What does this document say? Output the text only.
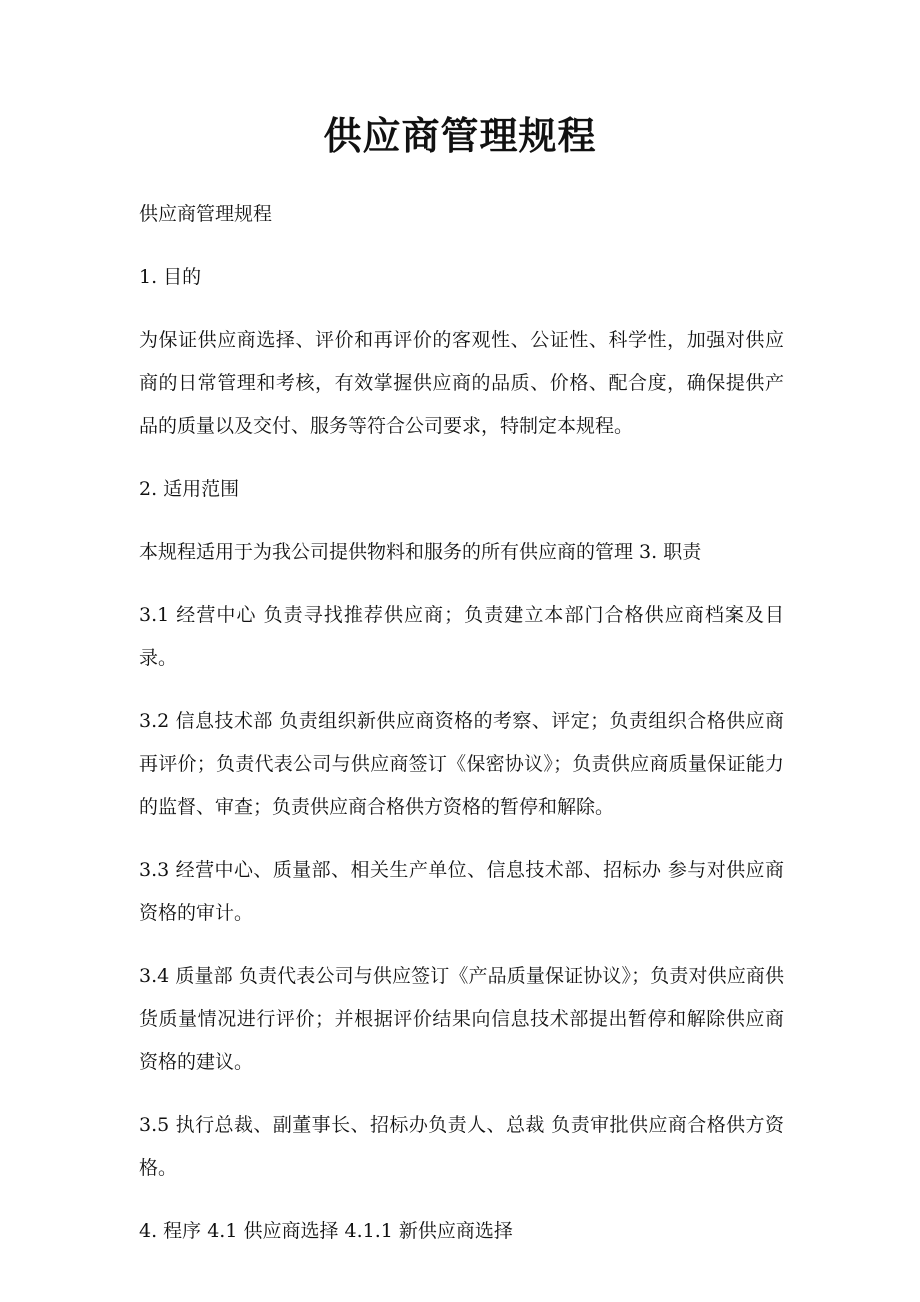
供应商管理规程

供应商管理规程

1. 目的

为保证供应商选择、评价和再评价的客观性、公证性、科学性，加强对供应商的日常管理和考核，有效掌握供应商的品质、价格、配合度，确保提供产品的质量以及交付、服务等符合公司要求，特制定本规程。

2. 适用范围

本规程适用于为我公司提供物料和服务的所有供应商的管理 3. 职责

3.1 经营中心 负责寻找推荐供应商；负责建立本部门合格供应商档案及目录。

3.2 信息技术部 负责组织新供应商资格的考察、评定；负责组织合格供应商再评价；负责代表公司与供应商签订《保密协议》；负责供应商质量保证能力的监督、审查；负责供应商合格供方资格的暂停和解除。

3.3 经营中心、质量部、相关生产单位、信息技术部、招标办 参与对供应商资格的审计。

3.4 质量部 负责代表公司与供应签订《产品质量保证协议》；负责对供应商供货质量情况进行评价；并根据评价结果向信息技术部提出暂停和解除供应商资格的建议。

3.5 执行总裁、副董事长、招标办负责人、总裁 负责审批供应商合格供方资格。

4. 程序 4.1 供应商选择 4.1.1 新供应商选择
